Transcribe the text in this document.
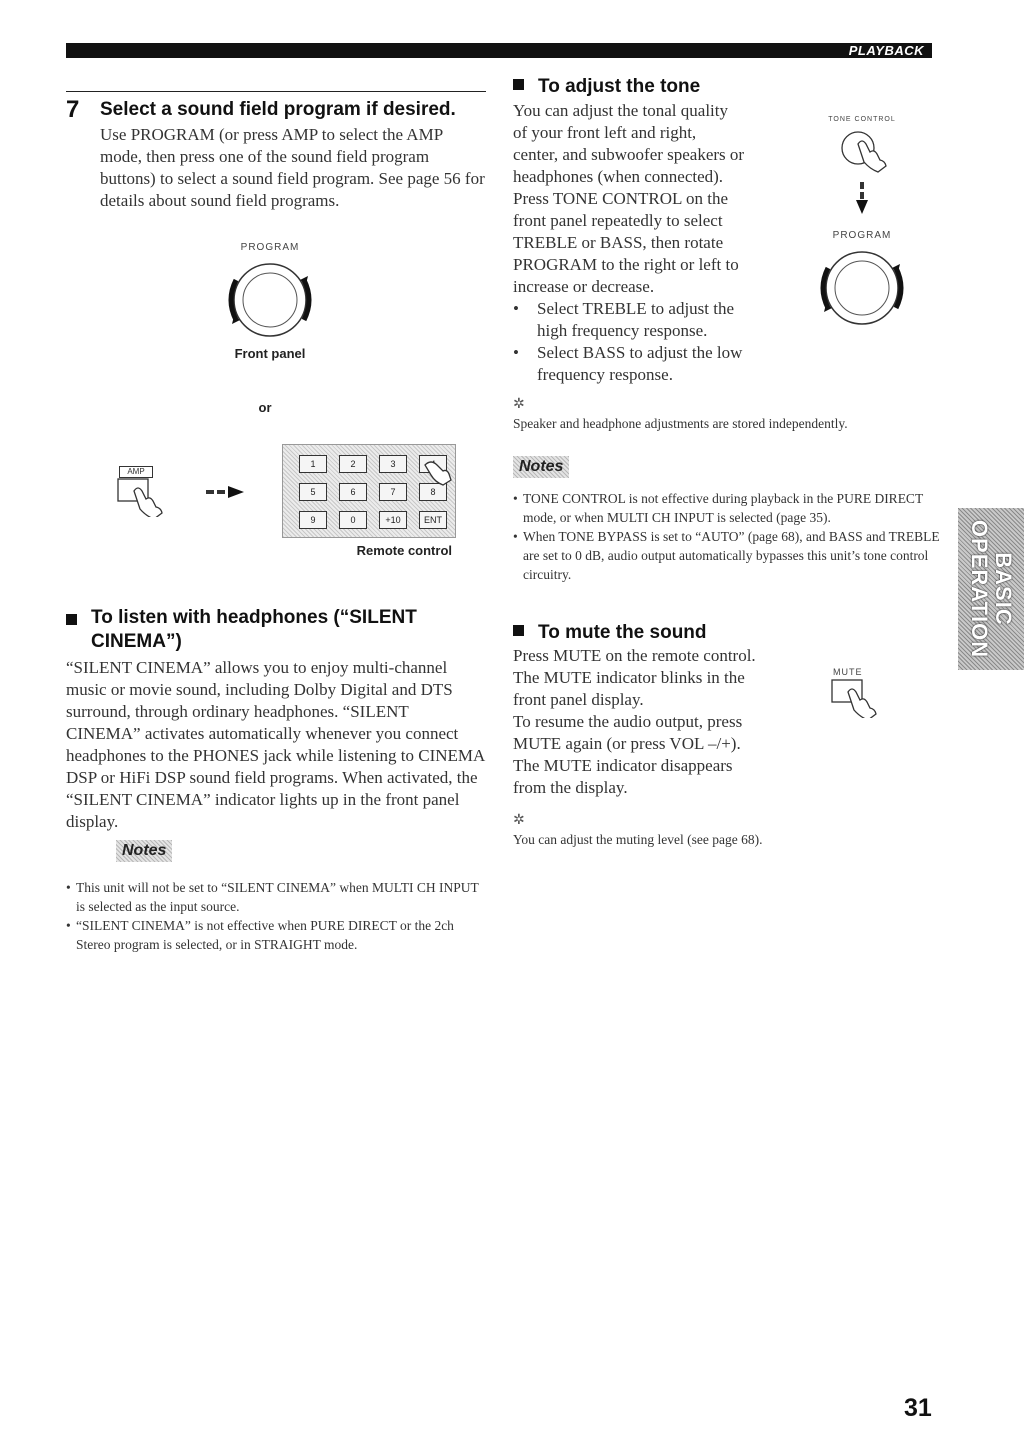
PLAYBACK
7 Select a sound field program if desired.

Use PROGRAM (or press AMP to select the AMP mode, then press one of the sound field program buttons) to select a sound field program. See page 56 for details about sound field programs.

PROGRAM
Front panel
or
AMP
1	2	3
5	6	7	8
9	0	+10	ENT
Remote control
To listen with headphones (“SILENT CINEMA”)

“SILENT CINEMA” allows you to enjoy multi-channel music or movie sound, including Dolby Digital and DTS surround, through ordinary headphones. “SILENT CINEMA” activates automatically whenever you connect headphones to the PHONES jack while listening to CINEMA DSP or HiFi DSP sound field programs. When activated, the “SILENT CINEMA” indicator lights up in the front panel display.

Notes
• This unit will not be set to “SILENT CINEMA” when MULTI CH INPUT is selected as the input source.
• “SILENT CINEMA” is not effective when PURE DIRECT or the 2ch Stereo program is selected, or in STRAIGHT mode.
To adjust the tone

You can adjust the tonal quality

of your front left and right,

center, and subwoofer speakers or

headphones (when connected).

Press TONE CONTROL on the

front panel repeatedly to select

TREBLE or BASS, then rotate

PROGRAM to the right or left to

increase or decrease.

•	Select TREBLE to adjust the high frequency response.
•	Select BASS to adjust the low frequency response.
TONE CONTROL
PROGRAM
✲
Speaker and headphone adjustments are stored independently.
Notes
• TONE CONTROL is not effective during playback in the PURE DIRECT mode, or when MULTI CH INPUT is selected (page 35).
• When TONE BYPASS is set to “AUTO” (page 68), and BASS and TREBLE are set to 0 dB, audio output automatically bypasses this unit’s tone control circuitry.
To mute the sound

Press MUTE on the remote control.

The MUTE indicator blinks in the

front panel display.

To resume the audio output, press

MUTE again (or press VOL –/+).

The MUTE indicator disappears

from the display.

MUTE
✲
You can adjust the muting level (see page 68).
BASIC
OPERATION
31
